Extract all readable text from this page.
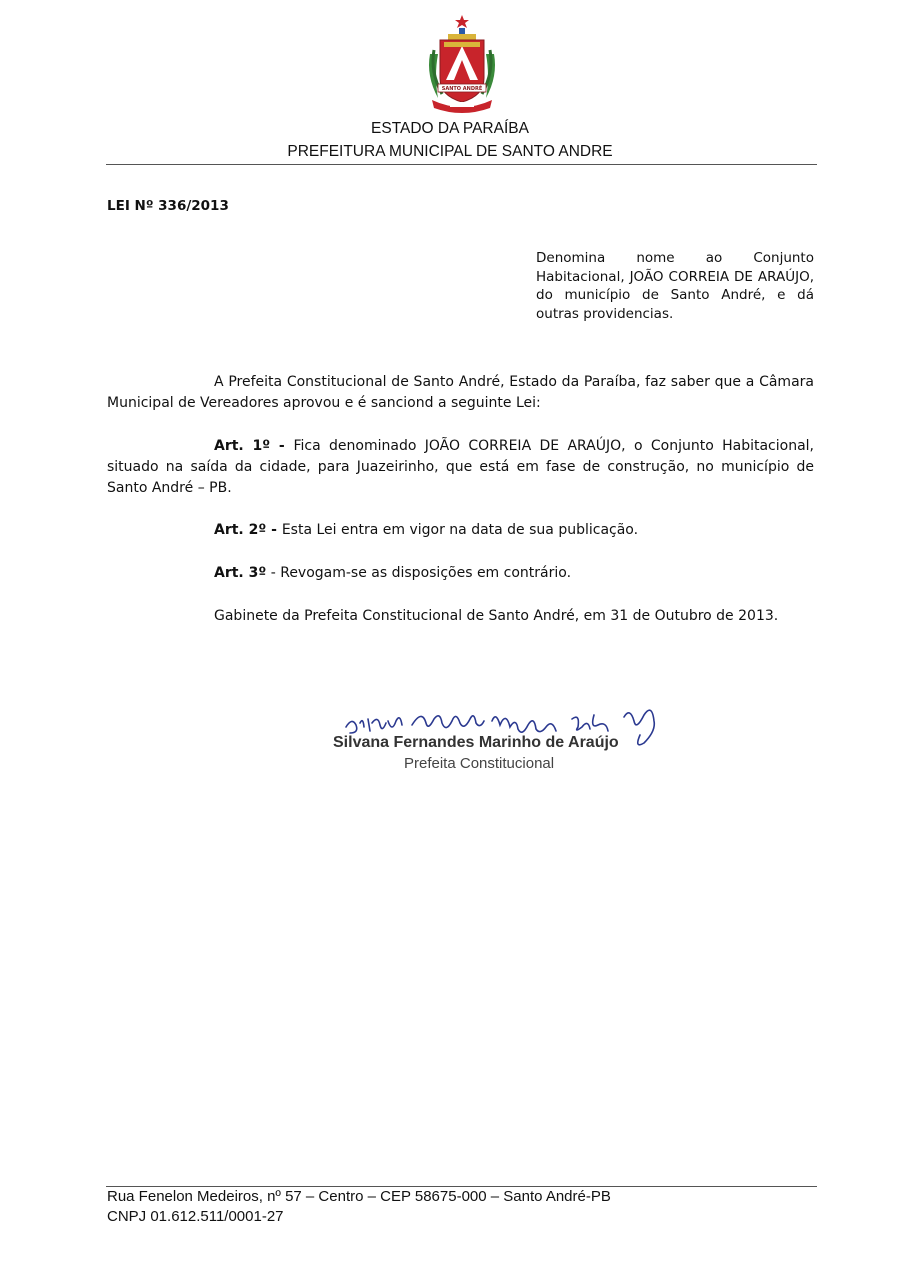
SANTO ANDRÉ
ESTADO DA PARAÍBA
PREFEITURA MUNICIPAL DE SANTO ANDRE
LEI Nº 336/2013
Denomina nome ao Conjunto Habitacional, JOÃO CORREIA DE ARAÚJO, do município de Santo André, e dá outras providencias.
A Prefeita Constitucional de Santo André, Estado da Paraíba, faz saber que a Câmara Municipal de Vereadores aprovou e é sanciond a seguinte Lei:
Art. 1º - Fica denominado JOÃO CORREIA DE ARAÚJO, o Conjunto Habitacional, situado na saída da cidade, para Juazeirinho, que está em fase de construção, no município de Santo André – PB.
Art. 2º - Esta Lei entra em vigor na data de sua publicação.
Art. 3º - Revogam-se as disposições em contrário.
Gabinete da Prefeita Constitucional de Santo André, em 31 de Outubro de 2013.
Silvana Fernandes Marinho de Araújo
Prefeita Constitucional
Rua Fenelon Medeiros, nº 57 – Centro – CEP 58675-000 – Santo André-PB
CNPJ 01.612.511/0001-27
